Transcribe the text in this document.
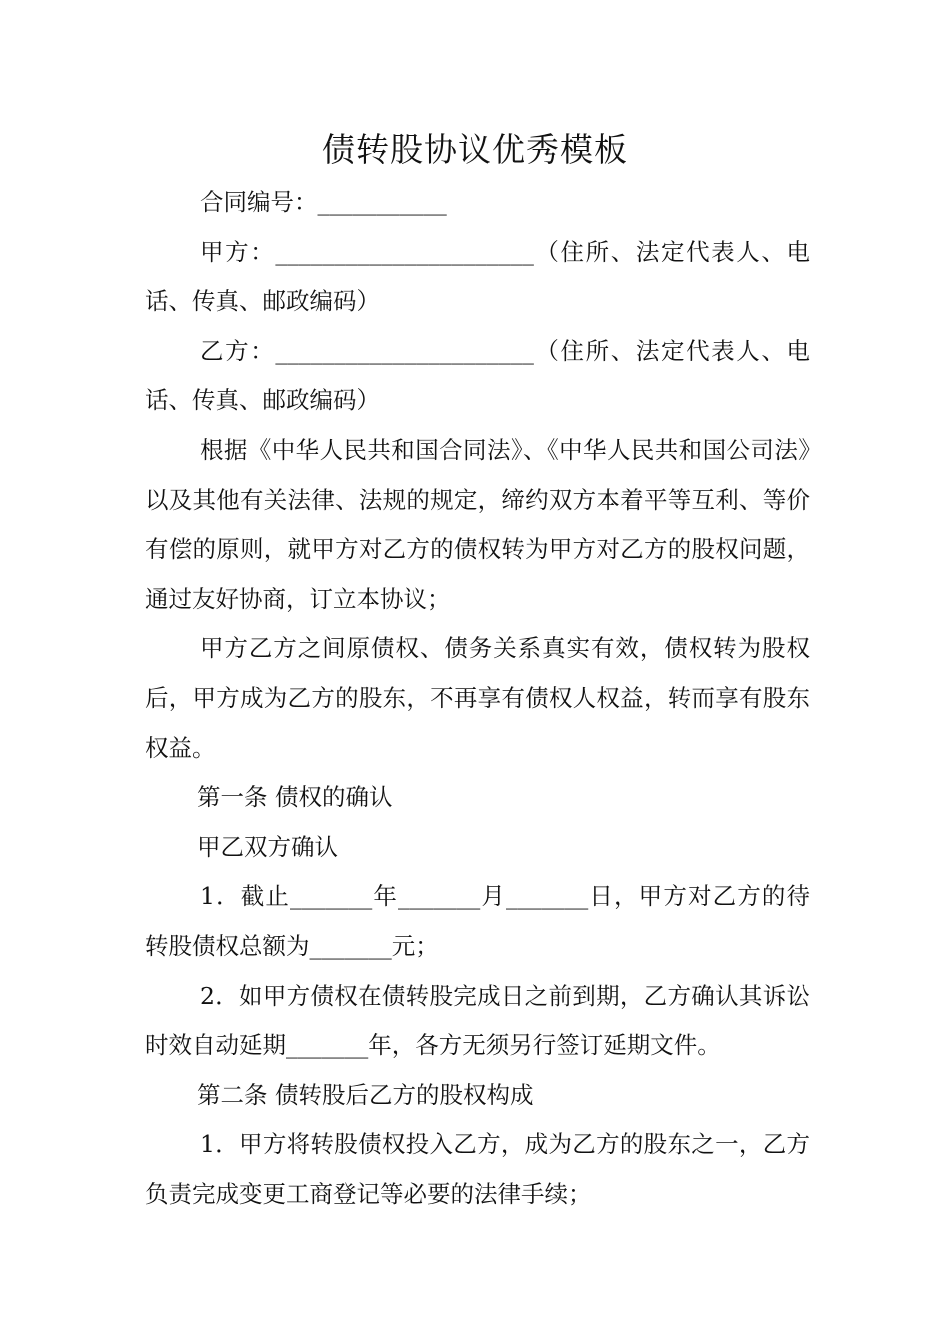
债转股协议优秀模板

合同编号：___________

甲方：______________________（住所、法定代表人、电话、传真、邮政编码）

乙方：______________________（住所、法定代表人、电话、传真、邮政编码）

根据《中华人民共和国合同法》、《中华人民共和国公司法》以及其他有关法律、法规的规定，缔约双方本着平等互利、等价有偿的原则，就甲方对乙方的债权转为甲方对乙方的股权问题，通过友好协商，订立本协议；

甲方乙方之间原债权、债务关系真实有效，债权转为股权后，甲方成为乙方的股东，不再享有债权人权益，转而享有股东权益。

第一条 债权的确认

甲乙双方确认

1．截止_______年_______月_______日，甲方对乙方的待转股债权总额为_______元；

2．如甲方债权在债转股完成日之前到期，乙方确认其诉讼时效自动延期_______年，各方无须另行签订延期文件。

第二条 债转股后乙方的股权构成

1．甲方将转股债权投入乙方，成为乙方的股东之一，乙方负责完成变更工商登记等必要的法律手续；
